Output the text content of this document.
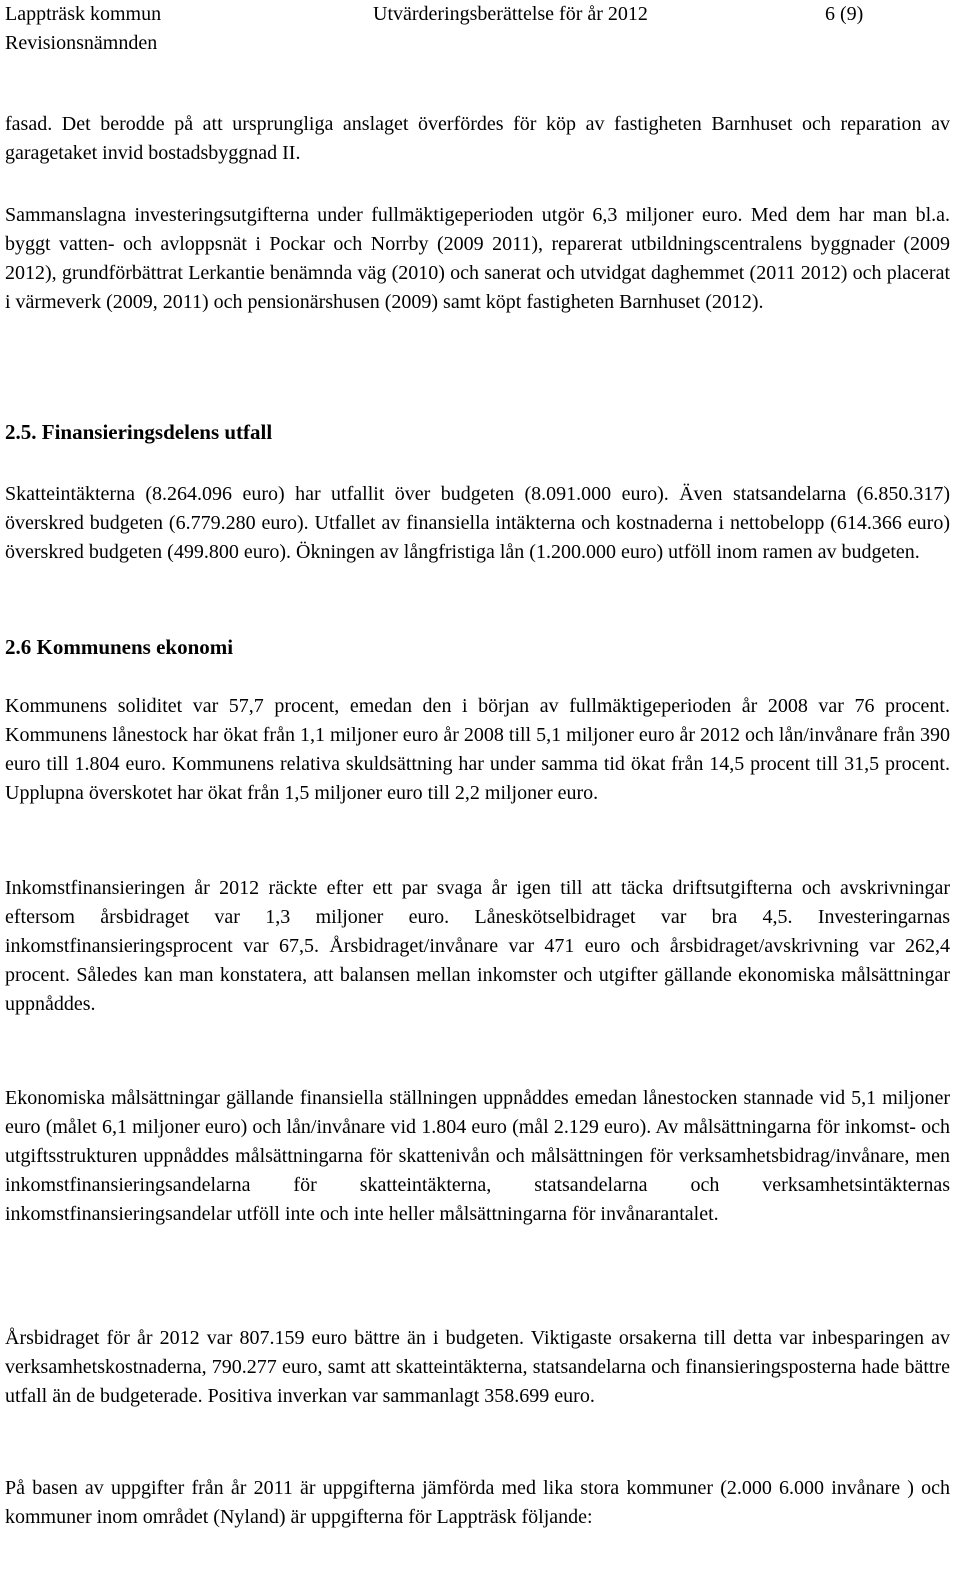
Lappträsk kommun
Revisionsnämnden
Utvärderingsberättelse för år 2012	6 (9)
fasad. Det berodde på att ursprungliga anslaget överfördes för köp av fastigheten Barnhuset och reparation av garagetaket invid bostadsbyggnad II.
Sammanslagna investeringsutgifterna under fullmäktigeperioden utgör 6,3 miljoner euro. Med dem har man bl.a. byggt vatten- och avloppsnät i Pockar och Norrby (2009 2011), reparerat utbildningscentralens byggnader (2009 2012), grundförbättrat Lerkantie benämnda väg (2010) och sanerat och utvidgat daghemmet (2011 2012) och placerat i värmeverk (2009, 2011) och pensionärshusen (2009) samt köpt fastigheten Barnhuset (2012).
2.5. Finansieringsdelens utfall
Skatteintäkterna (8.264.096 euro) har utfallit över budgeten (8.091.000 euro). Även statsandelarna (6.850.317) överskred budgeten (6.779.280 euro). Utfallet av finansiella intäkterna och kostnaderna i nettobelopp (614.366 euro) överskred budgeten (499.800 euro). Ökningen av långfristiga lån (1.200.000 euro) utföll inom ramen av budgeten.
2.6 Kommunens ekonomi
Kommunens soliditet var 57,7 procent, emedan den i början av fullmäktigeperioden år 2008 var 76 procent. Kommunens lånestock har ökat från 1,1 miljoner euro år 2008 till 5,1 miljoner euro år 2012 och lån/invånare från 390 euro till 1.804 euro. Kommunens relativa skuldsättning har under samma tid ökat från 14,5 procent till 31,5 procent. Upplupna överskotet har ökat från 1,5 miljoner euro till 2,2 miljoner euro.
Inkomstfinansieringen år 2012 räckte efter ett par svaga år igen till att täcka driftsutgifterna och avskrivningar eftersom årsbidraget var 1,3 miljoner euro. Låneskötselbidraget var bra 4,5. Investeringarnas inkomstfinansieringsprocent var 67,5. Årsbidraget/invånare var 471 euro och årsbidraget/avskrivning var 262,4 procent. Således kan man konstatera, att balansen mellan inkomster och utgifter gällande ekonomiska målsättningar uppnåddes.
Ekonomiska målsättningar gällande finansiella ställningen uppnåddes emedan lånestocken stannade vid 5,1 miljoner euro (målet 6,1 miljoner euro) och lån/invånare vid 1.804 euro (mål 2.129 euro). Av målsättningarna för inkomst- och utgiftsstrukturen uppnåddes målsättningarna för skattenivån och målsättningen för verksamhetsbidrag/invånare, men inkomstfinansieringsandelarna för skatteintäkterna, statsandelarna och verksamhetsintäkternas inkomstfinansieringsandelar utföll inte och inte heller målsättningarna för invånarantalet.
Årsbidraget för år 2012 var 807.159 euro bättre än i budgeten. Viktigaste orsakerna till detta var inbesparingen av verksamhetskostnaderna, 790.277 euro, samt att skatteintäkterna, statsandelarna och finansieringsposterna hade bättre utfall än de budgeterade. Positiva inverkan var sammanlagt 358.699 euro.
På basen av uppgifter från år 2011 är uppgifterna jämförda med lika stora kommuner (2.000 6.000 invånare ) och kommuner inom området (Nyland) är uppgifterna för Lappträsk följande:
